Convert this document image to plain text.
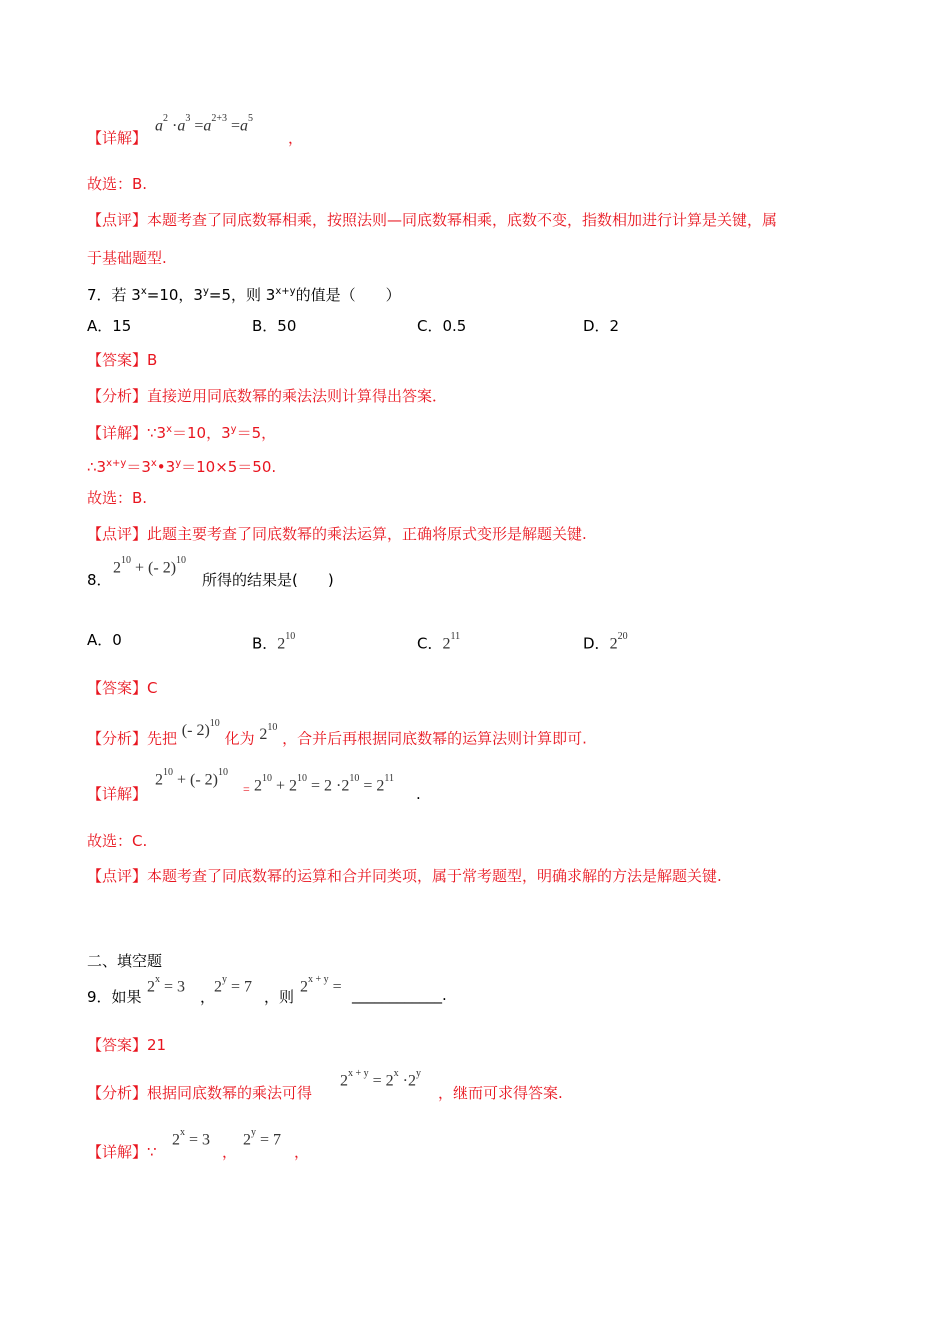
【详解】
$a^2 \cdot a^3 =a^{2+3} =a^5$
，
故选：B.
【点评】本题考查了同底数幂相乘，按照法则—同底数幂相乘，底数不变，指数相加进行计算是关键，属
于基础题型.
7．若 $3^x=10$，$3^y=5$，则 $3^{x+y}$的值是（　　）
A．15	B．50	C．0.5	D．2
【答案】B
【分析】直接逆用同底数幂的乘法法则计算得出答案．
【详解】$\because 3^x=10$，$3^y=5$，
$\therefore 3^{x+y}=3^x•3^y=10\times 5=50$.
故选：B.
【点评】此题主要考查了同底数幂的乘法运算，正确将原式变形是解题关键.
8．
$2^{10}$ + (- 2)$^{10}$
所得的结果是(　　)
A．0	B．$2^{10}$	C．$2^{11}$	D．$2^{20}$
【答案】C
【分析】先把 (- 2)$^{10}$ 化为 $2^{10}$ ，合并后再根据同底数幂的运算法则计算即可.
【详解】
$2^{10}$ + (- 2)$^{10}$
= $2^{10} + 2^{10} = 2 \cdot 2^{10} = 2^{11}$
.
故选：C.
【点评】本题考查了同底数幂的运算和合并同类项，属于常考题型，明确求解的方法是解题关键.
二、填空题
9．如果
$2^x = 3$
，
$2^y = 7$
，则
$2^{x + y}$ = ____________.
【答案】21
【分析】根据同底数幂的乘法可得
$2^{x + y} = 2^x \cdot 2^y$
，继而可求得答案.
【详解】∵
$2^x = 3$
，
$2^y = 7$
，
